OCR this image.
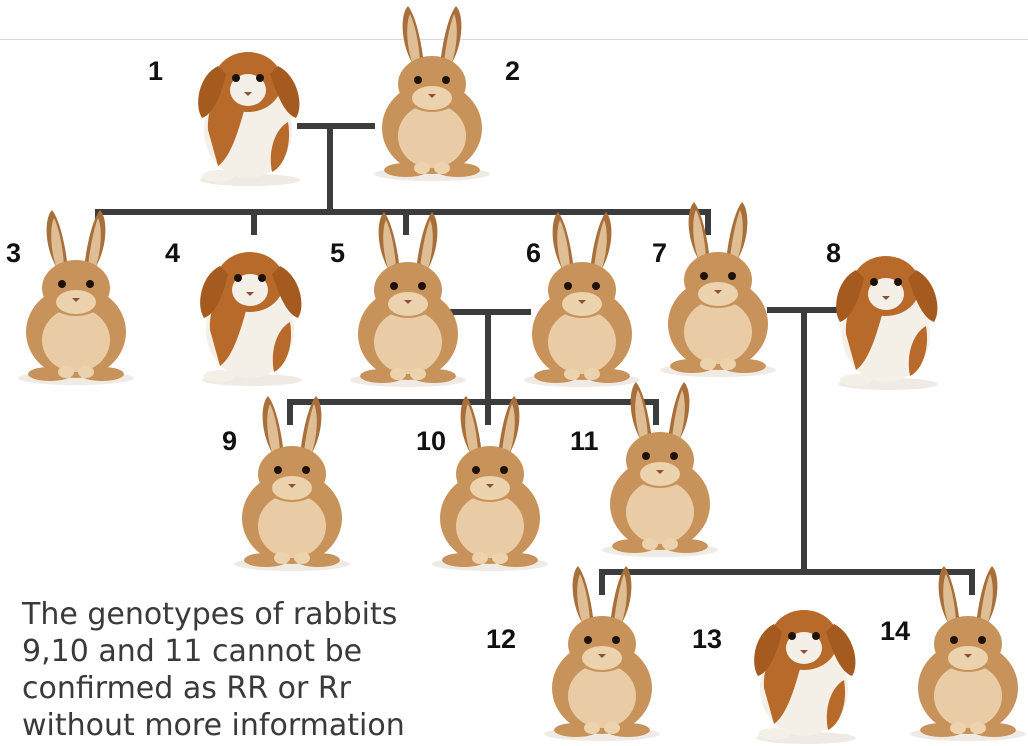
1	2
3	4	5	6	7	8
9	10	11
12	13	14
The genotypes of rabbits
9,10 and 11 cannot be
confirmed as RR or Rr
without more information
